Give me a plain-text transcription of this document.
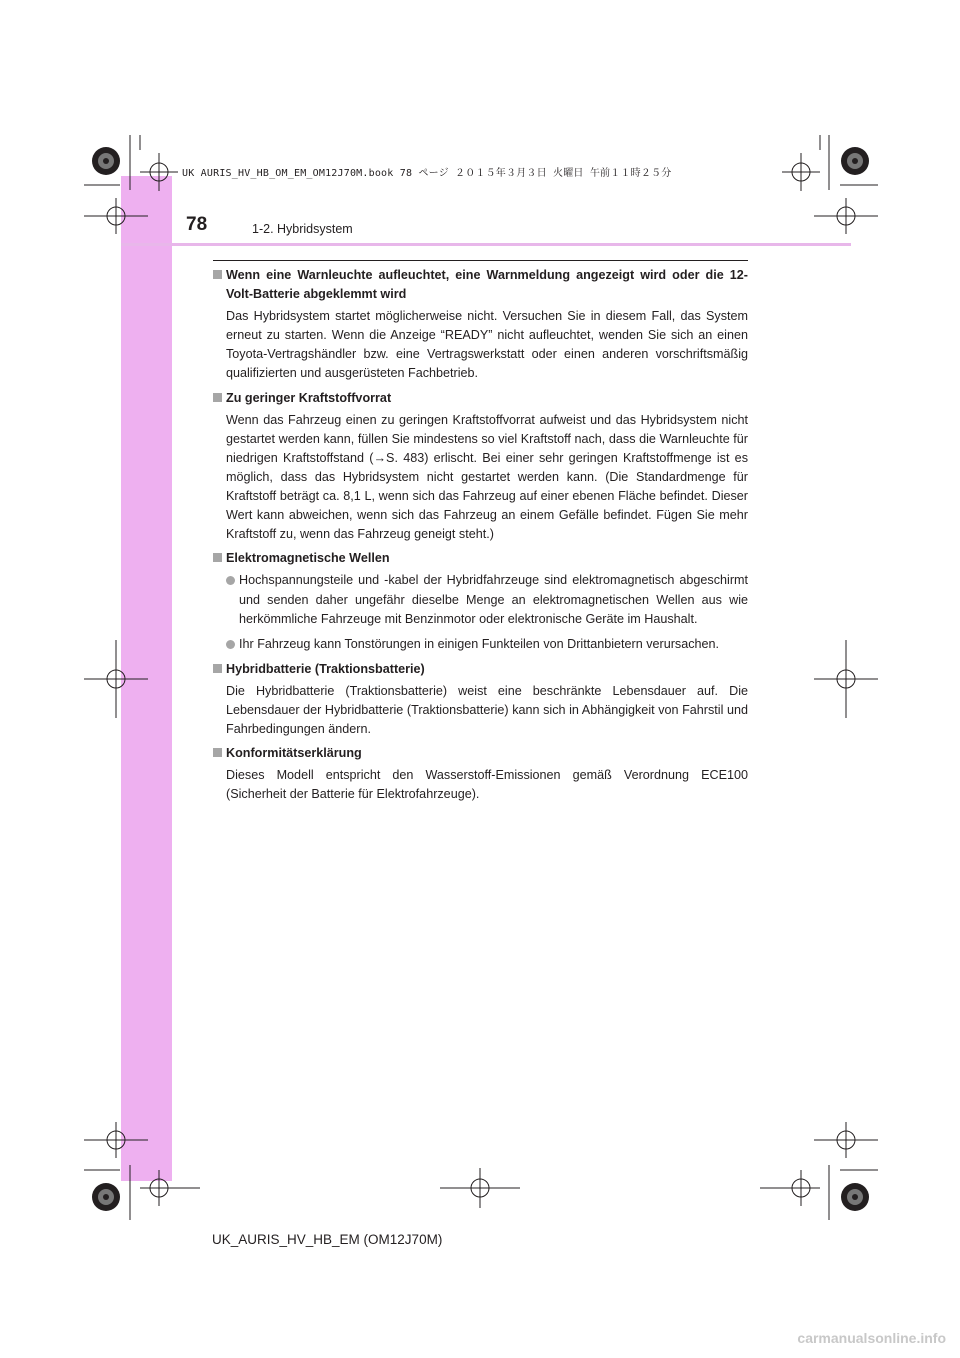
UK AURIS_HV_HB_OM_EM_OM12J70M.book 78 ページ ２０１５年３月３日 火曜日 午前１１時２５分
78	1-2. Hybridsystem
Wenn eine Warnleuchte aufleuchtet, eine Warnmeldung angezeigt wird oder die 12-Volt-Batterie abgeklemmt wird
Das Hybridsystem startet möglicherweise nicht. Versuchen Sie in diesem Fall, das System erneut zu starten. Wenn die Anzeige “READY” nicht aufleuchtet, wenden Sie sich an einen Toyota-Vertragshändler bzw. eine Vertragswerkstatt oder einen anderen vorschriftsmäßig qualifizierten und ausgerüsteten Fachbetrieb.
Zu geringer Kraftstoffvorrat
Wenn das Fahrzeug einen zu geringen Kraftstoffvorrat aufweist und das Hybridsystem nicht gestartet werden kann, füllen Sie mindestens so viel Kraftstoff nach, dass die Warnleuchte für niedrigen Kraftstoffstand (→S. 483) erlischt. Bei einer sehr geringen Kraftstoffmenge ist es möglich, dass das Hybridsystem nicht gestartet werden kann. (Die Standardmenge für Kraftstoff beträgt ca. 8,1 L, wenn sich das Fahrzeug auf einer ebenen Fläche befindet. Dieser Wert kann abweichen, wenn sich das Fahrzeug an einem Gefälle befindet. Fügen Sie mehr Kraftstoff zu, wenn das Fahrzeug geneigt steht.)
Elektromagnetische Wellen
Hochspannungsteile und -kabel der Hybridfahrzeuge sind elektromagnetisch abgeschirmt und senden daher ungefähr dieselbe Menge an elektromagnetischen Wellen aus wie herkömmliche Fahrzeuge mit Benzinmotor oder elektronische Geräte im Haushalt.
Ihr Fahrzeug kann Tonstörungen in einigen Funkteilen von Drittanbietern verursachen.
Hybridbatterie (Traktionsbatterie)
Die Hybridbatterie (Traktionsbatterie) weist eine beschränkte Lebensdauer auf. Die Lebensdauer der Hybridbatterie (Traktionsbatterie) kann sich in Abhängigkeit von Fahrstil und Fahrbedingungen ändern.
Konformitätserklärung
Dieses Modell entspricht den Wasserstoff-Emissionen gemäß Verordnung ECE100 (Sicherheit der Batterie für Elektrofahrzeuge).
UK_AURIS_HV_HB_EM (OM12J70M)
carmanualsonline.info
